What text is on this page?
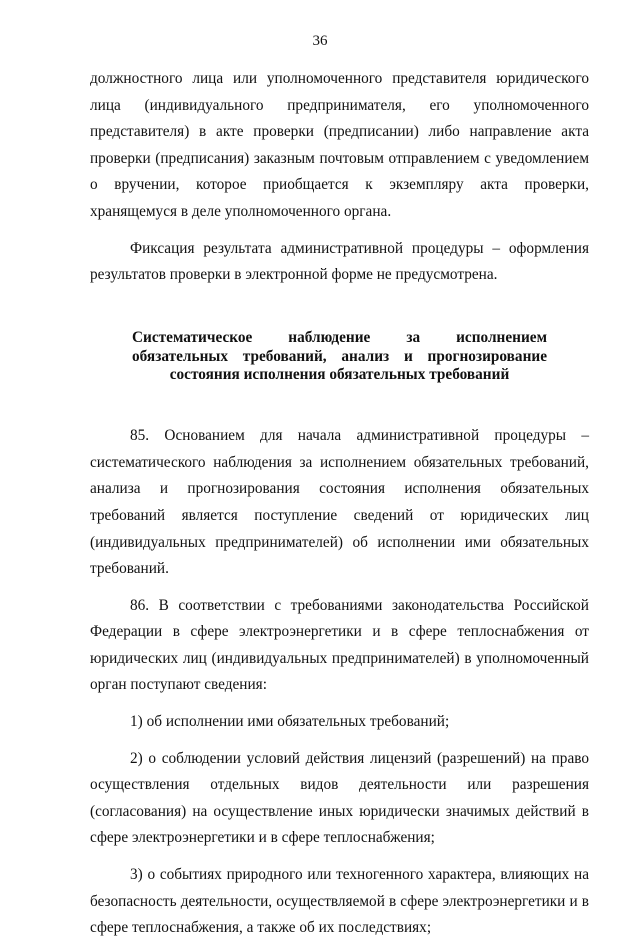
36

должностного лица или уполномоченного представителя юридического лица (индивидуального предпринимателя, его уполномоченного представителя) в акте проверки (предписании) либо направление акта проверки (предписания) заказным почтовым отправлением с уведомлением о вручении, которое приобщается к экземпляру акта проверки, хранящемуся в деле уполномоченного органа.

Фиксация результата административной процедуры – оформления результатов проверки в электронной форме не предусмотрена.

Систематическое наблюдение за исполнением обязательных требований, анализ и прогнозирование состояния исполнения обязательных требований

85. Основанием для начала административной процедуры – систематического наблюдения за исполнением обязательных требований, анализа и прогнозирования состояния исполнения обязательных требований является поступление сведений от юридических лиц (индивидуальных предпринимателей) об исполнении ими обязательных требований.

86. В соответствии с требованиями законодательства Российской Федерации в сфере электроэнергетики и в сфере теплоснабжения от юридических лиц (индивидуальных предпринимателей) в уполномоченный орган поступают сведения:

1) об исполнении ими обязательных требований;

2) о соблюдении условий действия лицензий (разрешений) на право осуществления отдельных видов деятельности или разрешения (согласования) на осуществление иных юридически значимых действий в сфере электроэнергетики и в сфере теплоснабжения;

3) о событиях природного или техногенного характера, влияющих на безопасность деятельности, осуществляемой в сфере электроэнергетики и в сфере теплоснабжения, а также об их последствиях;
